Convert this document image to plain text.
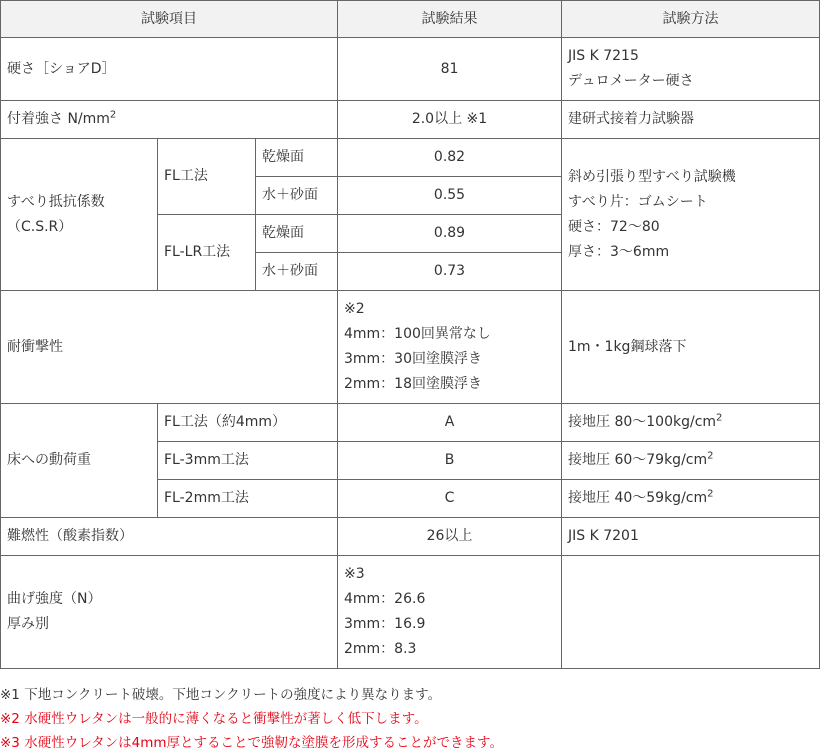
試験項目			試験結果	試験方法
硬さ［ショアD］			81	JIS K 7215
デュロメーター硬さ

付着強さ $N/mm^2$			2.0以上 ※1	建研式接着力試験器

すべり抵抗係数
（C.S.R）	FL工法	乾燥面	0.82	斜め引張り型すべり試験機
すべり片：ゴムシート
硬さ：72～80
厚さ：3～6mm

		水＋砂面	0.55	
	FL-LR工法	乾燥面	0.89	
		水＋砂面	0.73	
耐衝撃性			※2
4mm：100回異常なし
3mm：30回塗膜浮き
2mm：18回塗膜浮き	1m・1kg鋼球落下
床への動荷重	FL工法（約4mm）		A	接地圧 $80\sim 100kg/cm^2$
	FL-3mm工法		B	接地圧 $60\sim 79kg/cm^2$
	FL-2mm工法		C	接地圧 $40\sim 59kg/cm^2$
難燃性（酸素指数）			26以上	JIS K 7201

曲げ強度（N）
厚み別			※3
4mm：26.6
3mm：16.9
2mm：8.3	

※1 下地コンクリート破壊。下地コンクリートの強度により異なります。
※2 水硬性ウレタンは一般的に薄くなると衝撃性が著しく低下します。
※3 水硬性ウレタンは4mm厚とすることで強靭な塗膜を形成することができます。
